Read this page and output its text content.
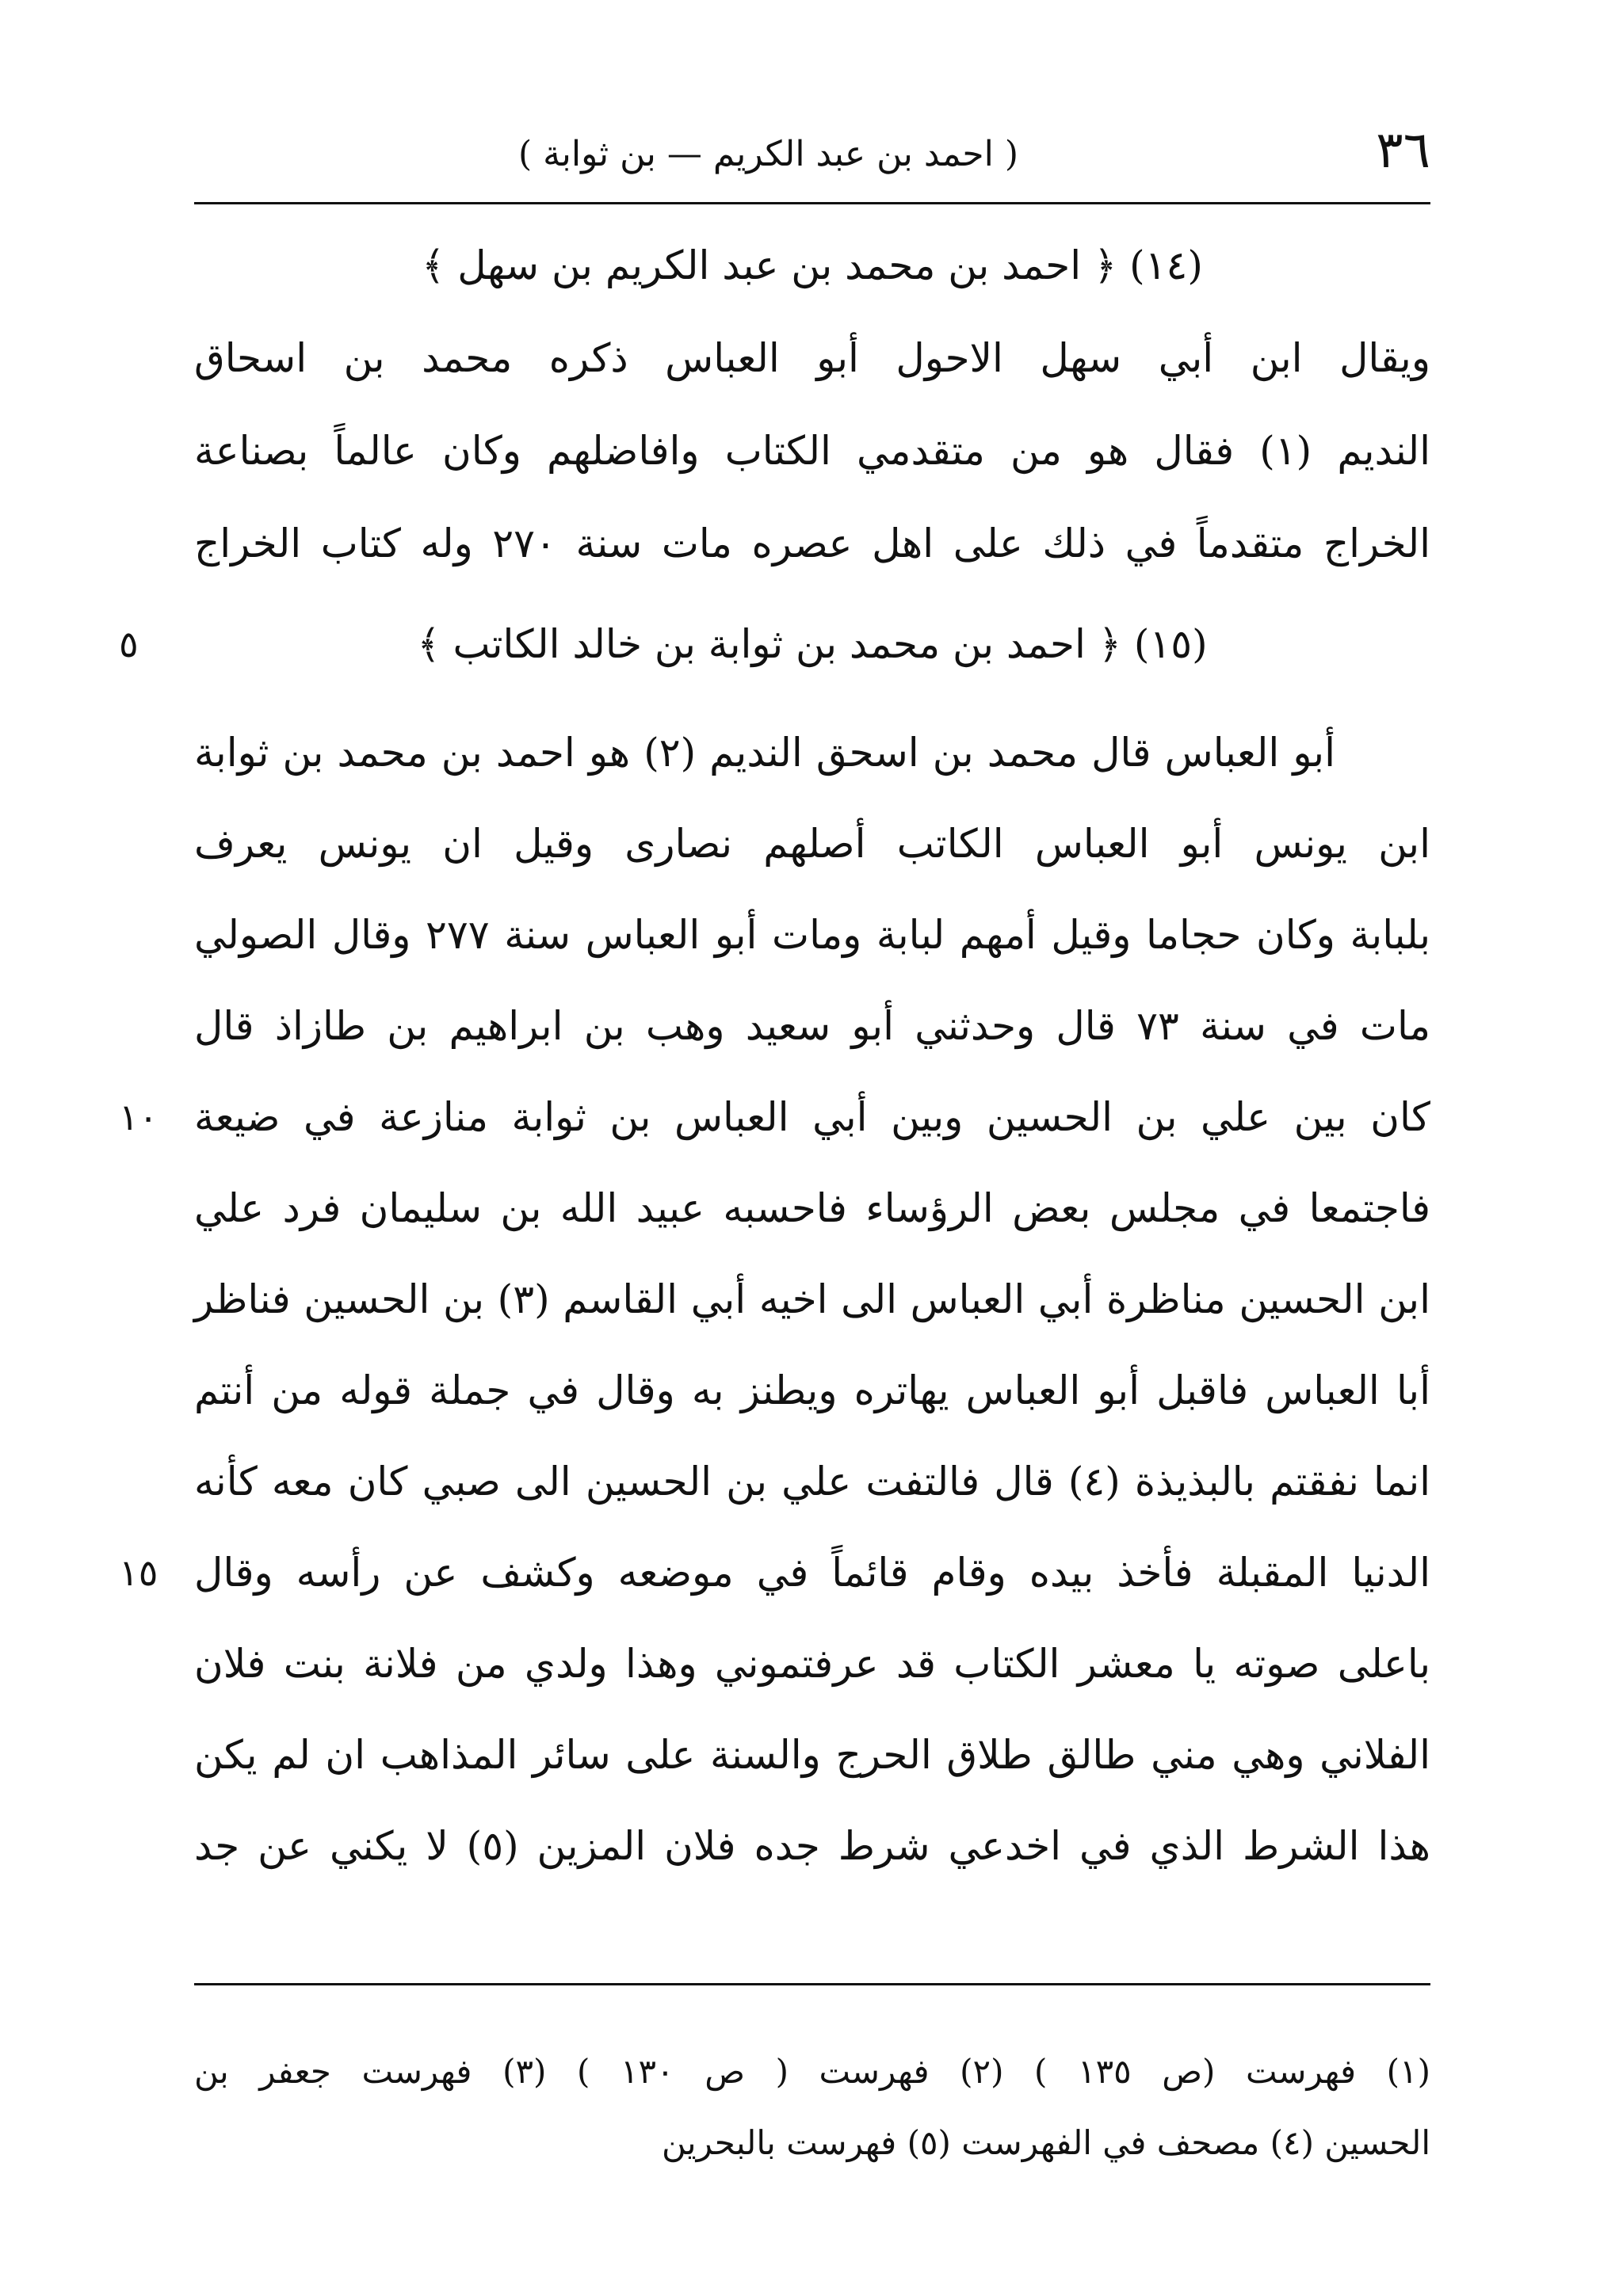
٣٦
( احمد بن عبد الكريم — بن ثوابة )
(١٤) ﴿ احمد بن محمد بن عبد الكريم بن سهل ﴾
ويقال ابن أبي سهل الاحول أبو العباس ذكره محمد بن اسحاق
النديم (١) فقال هو من متقدمي الكتاب وافاضلهم وكان عالماً بصناعة
الخراج متقدماً في ذلك على اهل عصره مات سنة ٢٧٠ وله كتاب الخراج
(١٥) ﴿ احمد بن محمد بن ثوابة بن خالد الكاتب ﴾
أبو العباس قال محمد بن اسحق النديم (٢) هو احمد بن محمد بن ثوابة
ابن يونس أبو العباس الكاتب أصلهم نصارى وقيل ان يونس يعرف
بلبابة وكان حجاما وقيل أمهم لبابة ومات أبو العباس سنة ٢٧٧ وقال الصولي
مات في سنة ٧٣ قال وحدثني أبو سعيد وهب بن ابراهيم بن طازاذ قال
كان بين علي بن الحسين وبين أبي العباس بن ثوابة منازعة في ضيعة
فاجتمعا في مجلس بعض الرؤساء فاحسبه عبيد الله بن سليمان فرد علي
ابن الحسين مناظرة أبي العباس الى اخيه أبي القاسم (٣) بن الحسين فناظر
أبا العباس فاقبل أبو العباس يهاتره ويطنز به وقال في جملة قوله من أنتم
انما نفقتم بالبذيذة (٤) قال فالتفت علي بن الحسين الى صبي كان معه كأنه
الدنيا المقبلة فأخذ بيده وقام قائماً في موضعه وكشف عن رأسه وقال
باعلى صوته يا معشر الكتاب قد عرفتموني وهذا ولدي من فلانة بنت فلان
الفلاني وهي مني طالق طلاق الحرج والسنة على سائر المذاهب ان لم يكن
هذا الشرط الذي في اخدعي شرط جده فلان المزين (٥) لا يكني عن جد
٥
١٠
١٥
(١) فهرست (ص ١٣٥ ) (٢) فهرست ( ص ١٣٠ ) (٣) فهرست جعفر بن
الحسين (٤) مصحف في الفهرست (٥) فهرست بالبحرين
